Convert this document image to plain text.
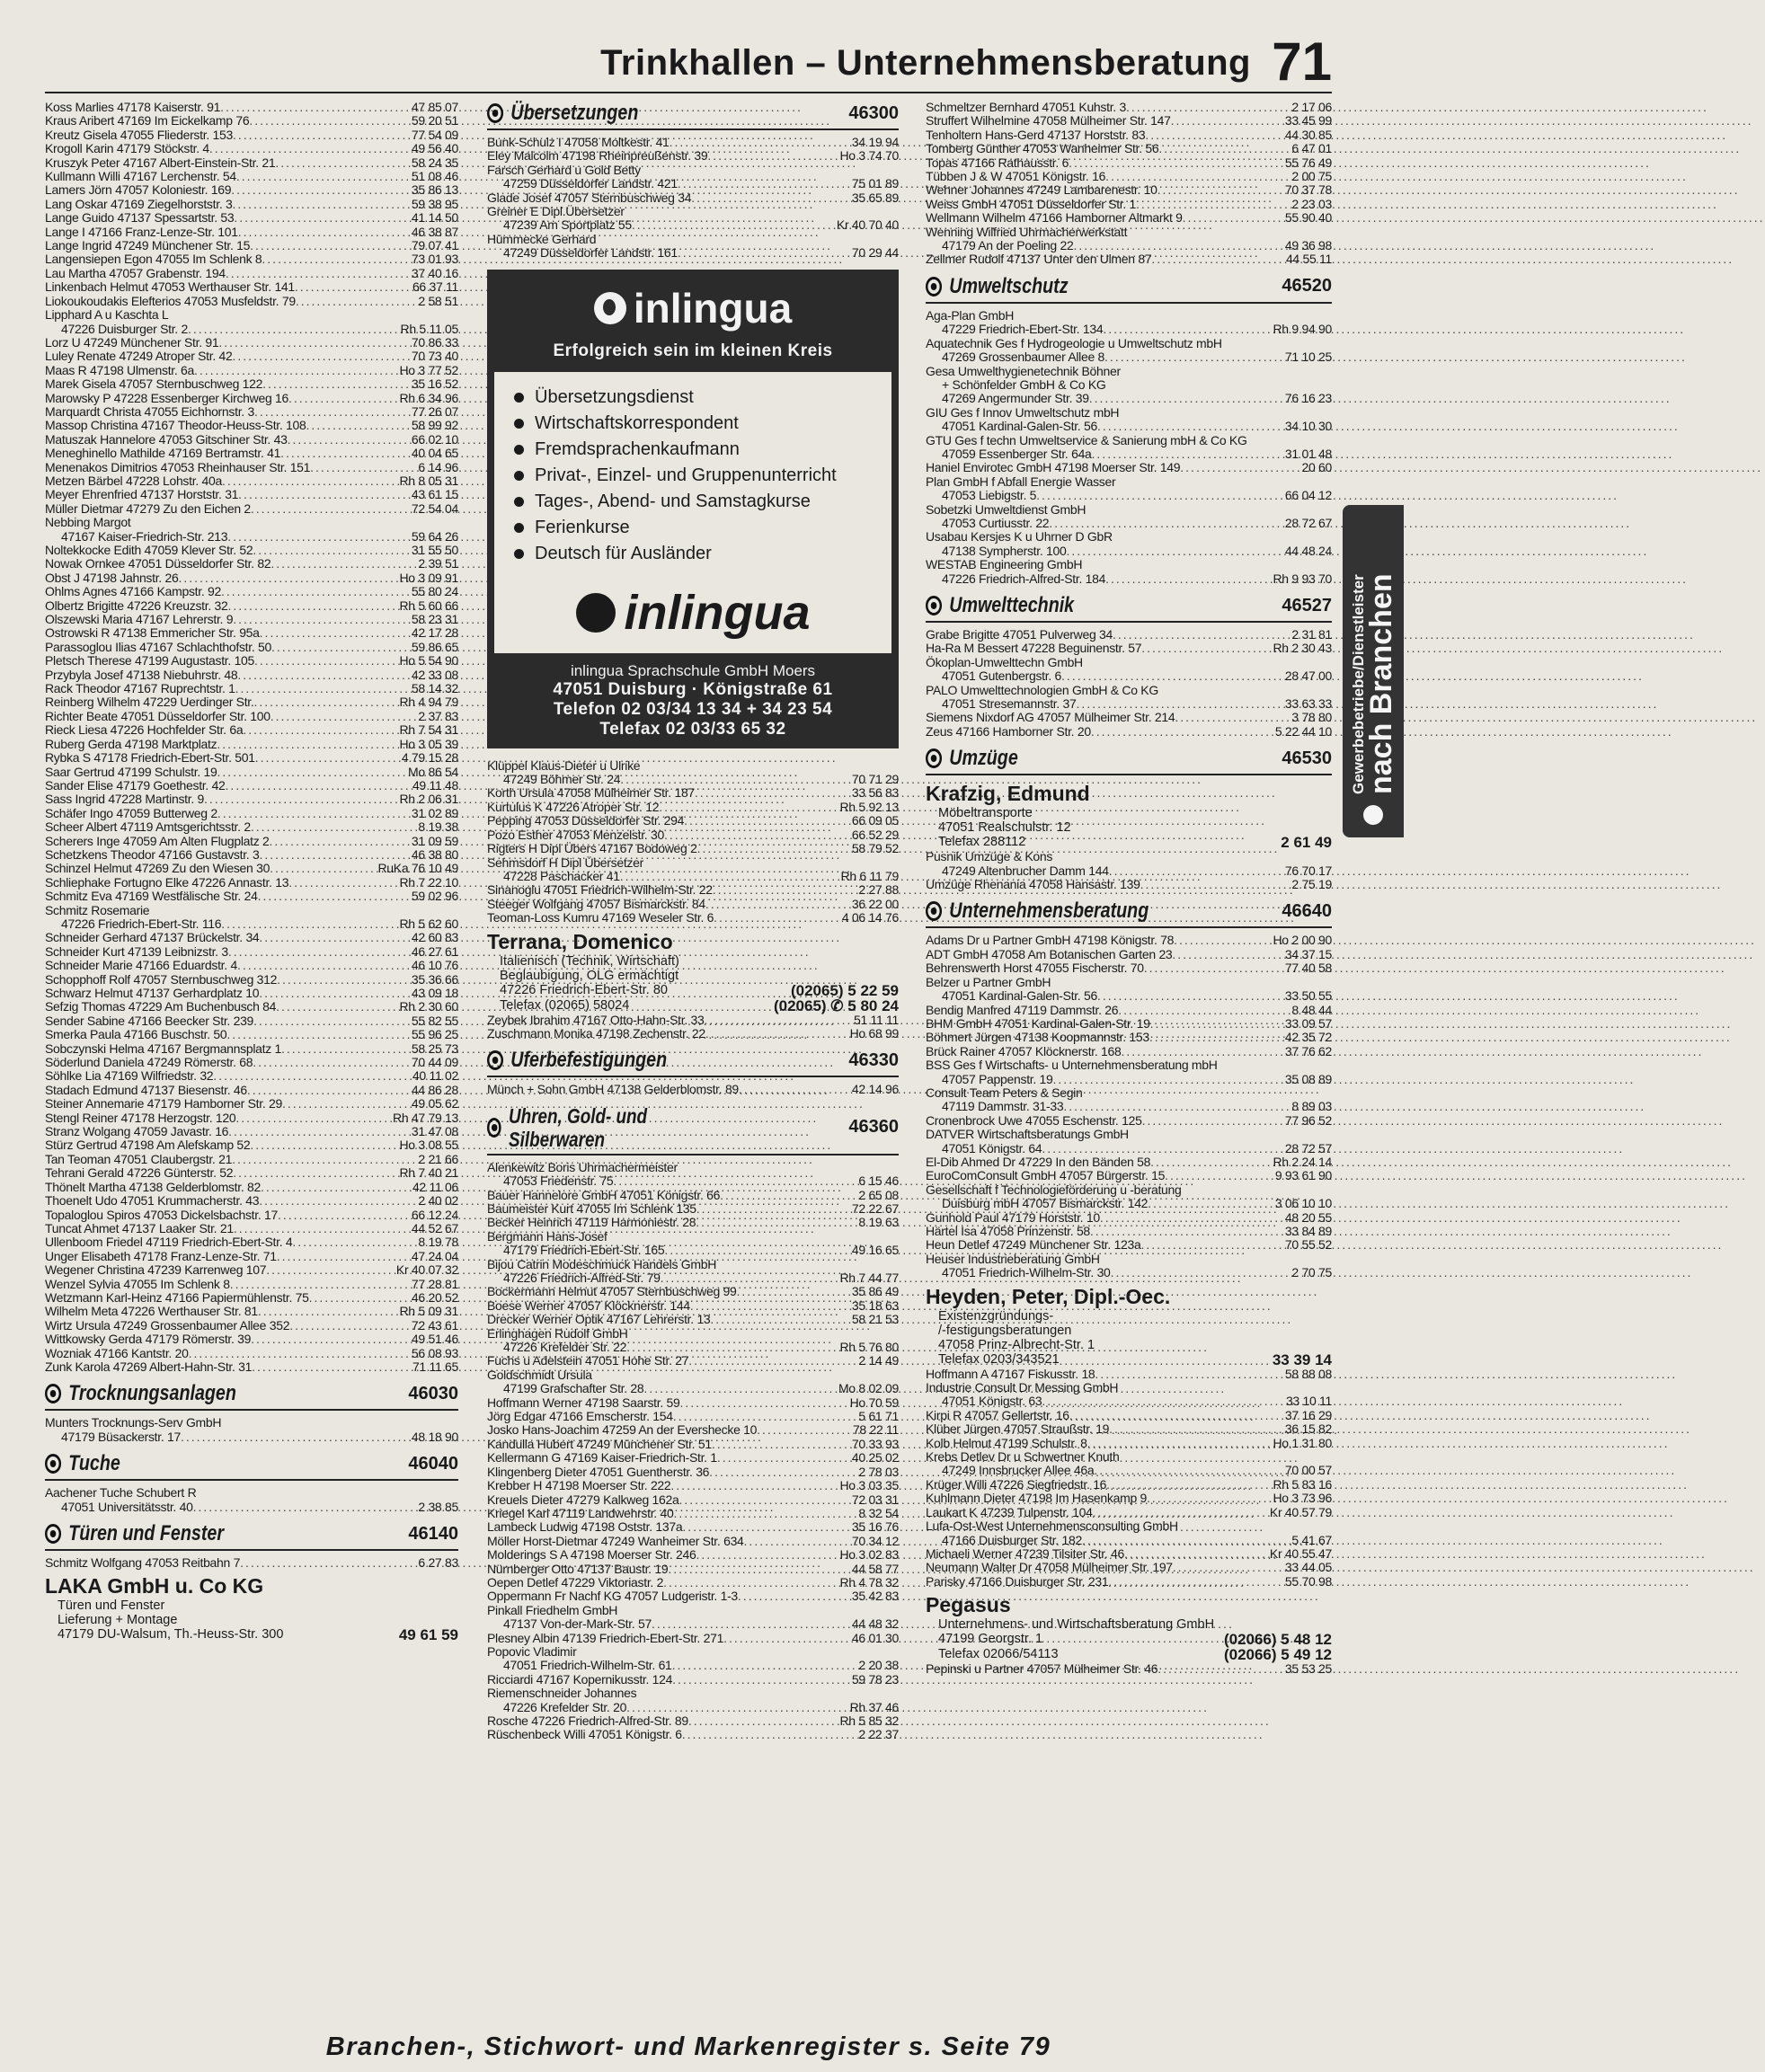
Trinkhallen – Unternehmensberatung 71
Koss Marlies 47178 Kaiserstr. 91 .....	47 85 07
Kraus Aribert 47169 Im Eickelkamp 76 .....	59 20 51
Kreutz Gisela 47055 Fliederstr. 153 .....	77 54 09
Krogoll Karin 47179 Stöckstr. 4 .....	49 56 40
Kruszyk Peter 47167 Albert-Einstein-Str. 21 .....	58 24 35
Kullmann Willi 47167 Lerchenstr. 54 .....	51 08 46
Lamers Jörn 47057 Koloniestr. 169 .....	35 86 13
Lang Oskar 47169 Ziegelhorststr. 3 .....	59 38 95
Lange Guido 47137 Spessartstr. 53 .....	41 14 50
Lange I 47166 Franz-Lenze-Str. 101 .....	46 38 87
Lange Ingrid 47249 Münchener Str. 15 .....	79 07 41
Langensiepen Egon 47055 Im Schlenk 8 .....	73 01 93
Lau Martha 47057 Grabenstr. 194 .....	37 40 16
Linkenbach Helmut 47053 Werthauser Str. 141 .....	66 37 11
Liokoukoudakis Elefterios 47053 Musfeldstr. 79 .....	2 58 51
Lipphard A u Kaschta L
47226 Duisburger Str. 2 .....	Rh 5 11 05
Lorz U 47249 Münchener Str. 91 .....	70 86 33
Luley Renate 47249 Atroper Str. 42 .....	70 73 40
Maas R 47198 Ulmenstr. 6a .....	Ho 3 77 52
Marek Gisela 47057 Sternbuschweg 122 .....	35 16 52
Marowsky P 47228 Essenberger Kirchweg 16 .....	Rh 6 34 96
Marquardt Christa 47055 Eichhornstr. 3 .....	77 26 07
Massop Christina 47167 Theodor-Heuss-Str. 108 .....	58 99 92
Matuszak Hannelore 47053 Gitschiner Str. 43 .....	66 02 10
Meneghinello Mathilde 47169 Bertramstr. 41 .....	40 04 65
Menenakos Dimitrios 47053 Rheinhauser Str. 151 .....	6 14 96
Metzen Bärbel 47228 Lohstr. 40a .....	Rh 8 05 31
Meyer Ehrenfried 47137 Horststr. 31 .....	43 61 15
Müller Dietmar 47279 Zu den Eichen 2 .....	72 54 04
Nebbing Margot
47167 Kaiser-Friedrich-Str. 213 .....	59 64 26
Noltekkocke Edith 47059 Klever Str. 52 .....	31 55 50
Nowak Ornkee 47051 Düsseldorfer Str. 82 .....	2 39 51
Obst J 47198 Jahnstr. 26 .....	Ho 3 09 91
Ohlms Agnes 47166 Kampstr. 92 .....	55 80 24
Olbertz Brigitte 47226 Kreuzstr. 32 .....	Rh 5 60 66
Olszewski Maria 47167 Lehrerstr. 9 .....	58 23 31
Ostrowski R 47138 Emmericher Str. 95a .....	42 17 28
Parassoglou Ilias 47167 Schlachthofstr. 50 .....	59 86 65
Pletsch Therese 47199 Augustastr. 105 .....	Ho 5 54 90
Przybyla Josef 47138 Niebuhrstr. 48 .....	42 33 08
Rack Theodor 47167 Ruprechtstr. 1 .....	58 14 32
Reinberg Wilhelm 47229 Uerdinger Str. .....	Rh 4 94 79
Richter Beate 47051 Düsseldorfer Str. 100 .....	2 37 83
Rieck Liesa 47226 Hochfelder Str. 6a .....	Rh 7 54 31
Ruberg Gerda 47198 Marktplatz .....	Ho 3 05 39
Rybka S 47178 Friedrich-Ebert-Str. 501 .....	4 79 15 28
Saar Gertrud 47199 Schulstr. 19 .....	Mo 86 54
Sander Elise 47179 Goethestr. 42 .....	49 11 48
Sass Ingrid 47228 Martinstr. 9 .....	Rh 2 06 31
Schäfer Ingo 47059 Butterweg 2 .....	31 02 89
Scheer Albert 47119 Amtsgerichtsstr. 2 .....	8 19 38
Scherers Inge 47059 Am Alten Flugplatz 2 .....	31 09 59
Schetzkens Theodor 47166 Gustavstr. 3 .....	46 38 80
Schinzel Helmut 47269 Zu den Wiesen 30 .....	RuKa 76 10 49
Schliephake Fortugno Elke 47226 Annastr. 13 .....	Rh 7 22 10
Schmitz Eva 47169 Westfälische Str. 24 .....	59 02 96
Schmitz Rosemarie
47226 Friedrich-Ebert-Str. 116 .....	Rh 5 62 60
Schneider Gerhard 47137 Brückelstr. 34 .....	42 60 83
Schneider Kurt 47139 Leibnizstr. 3 .....	46 27 61
Schneider Marie 47166 Eduardstr. 4 .....	46 10 76
Schopphoff Rolf 47057 Sternbuschweg 312 .....	35 36 66
Schwarz Helmut 47137 Gerhardplatz 10 .....	43 09 18
Sefzig Thomas 47229 Am Buchenbusch 84 .....	Rh 2 30 60
Sender Sabine 47166 Beecker Str. 239 .....	55 82 55
Smerka Paula 47166 Buschstr. 50 .....	55 96 25
Sobczynski Helma 47167 Bergmannsplatz 1 .....	58 25 73
Söderlund Daniela 47249 Römerstr. 68 .....	70 44 09
Söhlke Lia 47169 Wilfriedstr. 32 .....	40 11 02
Stadach Edmund 47137 Biesenstr. 46 .....	44 86 28
Steiner Annemarie 47179 Hamborner Str. 29 .....	49 05 62
Stengl Reiner 47178 Herzogstr. 120 .....	Rh 47 79 13
Stranz Wolgang 47059 Javastr. 16 .....	31 47 08
Stürz Gertrud 47198 Am Alefskamp 52 .....	Ho 3 08 55
Tan Teoman 47051 Claubergstr. 21 .....	2 21 66
Tehrani Gerald 47226 Günterstr. 52 .....	Rh 7 40 21
Thönelt Martha 47138 Gelderblomstr. 82 .....	42 11 06
Thoenelt Udo 47051 Krummacherstr. 43 .....	2 40 02
Topaloglou Spiros 47053 Dickelsbachstr. 17 .....	66 12 24
Tuncat Ahmet 47137 Laaker Str. 21 .....	44 52 67
Ullenboom Friedel 47119 Friedrich-Ebert-Str. 4 .....	8 19 78
Unger Elisabeth 47178 Franz-Lenze-Str. 71 .....	47 24 04
Wegener Christina 47239 Karrenweg 107 .....	Kr 40 07 32
Wenzel Sylvia 47055 Im Schlenk 8 .....	77 28 81
Wetzmann Karl-Heinz 47166 Papiermühlenstr. 75 .....	46 20 52
Wilhelm Meta 47226 Werthauser Str. 81 .....	Rh 5 09 31
Wirtz Ursula 47249 Grossenbaumer Allee 352 .....	72 43 61
Wittkowsky Gerda 47179 Römerstr. 39 .....	49 51 46
Wozniak 47166 Kantstr. 20 .....	56 08 93
Zunk Karola 47269 Albert-Hahn-Str. 31 .....	71 11 65
Trocknungsanlagen	46030
Munters Trocknungs-Serv GmbH
47179 Büsackerstr. 17 .....	48 18 90
Tuche	46040
Aachener Tuche Schubert R
47051 Universitätsstr. 40 .....	2 38 85
Türen und Fenster	46140
Schmitz Wolfgang 47053 Reitbahn 7 .....	6 27 83
LAKA GmbH u. Co KG
Türen und Fenster
Lieferung + Montage
47179 DU-Walsum, Th.-Heuss-Str. 300	49 61 59
Übersetzungen	46300
Bunk-Schulz I 47058 Moltkestr. 41 .....	34 19 94
Eley Malcolm 47198 Rheinpreußenstr. 39 .....	Ho 3 74 70
Farsch Gerhard u Gold Betty
47259 Düsseldorfer Landstr. 421 .....	75 01 89
Glade Josef 47057 Sternbuschweg 34 .....	35 65 89
Greiner E Dipl.Übersetzer
47239 Am Sportplatz 55 .....	Kr 40 70 40
Hümmecke Gerhard
47249 Düsseldorfer Landstr. 161 .....	70 29 44
inlingua
Erfolgreich sein im kleinen Kreis
Übersetzungsdienst
Wirtschaftskorrespondent
Fremdsprachenkaufmann
Privat-, Einzel- und Gruppenunterricht
Tages-, Abend- und Samstagkurse
Ferienkurse
Deutsch für Ausländer
inlingua
inlingua Sprachschule GmbH Moers
47051 Duisburg · Königstraße 61
Telefon 02 03/34 13 34 + 34 23 54
Telefax 02 03/33 65 32
Klüppel Klaus-Dieter u Ulrike
47249 Böhmer Str. 24 .....	70 71 29
Korth Ursula 47058 Mülheimer Str. 187 .....	33 56 83
Kurtulus K 47226 Atroper Str. 12 .....	Rh 5 92 13
Pepping 47053 Düsseldorfer Str. 294 .....	66 09 05
Pozo Esther 47053 Menzelstr. 30 .....	66 52 29
Rigters H Dipl Übers 47167 Bodoweg 2 .....	58 79 52
Sehmsdorf H Dipl Übersetzer
47228 Paschacker 41 .....	Rh 6 11 79
Sinanoglu 47051 Friedrich-Wilhelm-Str. 22 .....	2 27 88
Steeger Wolfgang 47057 Bismarckstr. 84 .....	36 22 00
Teoman-Loss Kumru 47169 Weseler Str. 6 .....	4 06 14 76
Terrana, Domenico
Italienisch (Technik, Wirtschaft)
Beglaubigung, OLG ermächtigt
47226 Friedrich-Ebert-Str. 80	(02065) 5 22 59
Telefax (02065) 58024	(02065) ✆ 5 80 24
Zeybek Ibrahim 47167 Otto-Hahn-Str. 33 .....	51 11 11
Zuschmann Monika 47198 Zechenstr. 22 .....	Ho 68 99
Uferbefestigungen	46330
Münch + Sohn GmbH 47138 Gelderblomstr. 89 .....	42 14 96
Uhren, Gold- und Silberwaren
46360
Alenkewitz Boris Uhrmachermeister
47053 Friedenstr. 75 .....	6 15 46
Bauer Hannelore GmbH 47051 Königstr. 66 .....	2 65 08
Baumeister Kurt 47055 Im Schlenk 135 .....	72 22 67
Becker Heinrich 47119 Harmoniestr. 28 .....	8 19 63
Bergmann Hans-Josef
47179 Friedrich-Ebert-Str. 165 .....	49 16 65
Bijou Catrin Modeschmuck Handels GmbH
47226 Friedrich-Alfred-Str. 79 .....	Rh 7 44 77
Bockermann Helmut 47057 Sternbuschweg 99 .....	35 86 49
Boese Werner 47057 Klöcknerstr. 144 .....	35 18 63
Drecker Werner Optik 47167 Lehrerstr. 13 .....	58 21 53
Erlinghagen Rudolf GmbH
47226 Krefelder Str. 22 .....	Rh 5 76 80
Fuchs u Adelstein 47051 Hohe Str. 27 .....	2 14 49
Goldschmidt Ursula
47199 Grafschafter Str. 28 .....	Mo 8 02 09
Hoffmann Werner 47198 Saarstr. 59 .....	Ho 70 59
Jörg Edgar 47166 Emscherstr. 154 .....	5 61 71
Josko Hans-Joachim 47259 An der Eversheckе 10 .....	78 22 11
Kandulla Hubert 47249 Münchener Str. 51 .....	70 33 93
Kellermann G 47169 Kaiser-Friedrich-Str. 1 .....	40 25 02
Klingenberg Dieter 47051 Guentherstr. 36 .....	2 78 03
Krebber H 47198 Moerser Str. 222 .....	Ho 3 03 35
Kreuels Dieter 47279 Kalkweg 162a .....	72 03 31
Kriegel Karl 47119 Landwehrstr. 40 .....	8 32 54
Lambeck Ludwig 47198 Oststr. 137a .....	35 16 76
Möller Horst-Dietmar 47249 Wanheimer Str. 634 .....	70 34 12
Molderings S A 47198 Moerser Str. 246 .....	Ho 3 02 83
Nürnberger Otto 47137 Baustr. 19 .....	44 58 77
Oepen Detlef 47229 Viktoriastr. 2 .....	Rh 4 78 32
Oppermann Fr Nachf KG 47057 Ludgeristr. 1-3 .....	35 42 83
Pinkall Friedhelm GmbH
47137 Von-der-Mark-Str. 57 .....	44 48 32
Plesney Albin 47139 Friedrich-Ebert-Str. 271 .....	46 01 30
Popovic Vladimir
47051 Friedrich-Wilhelm-Str. 61 .....	2 20 38
Ricciardi 47167 Kopernikusstr. 124 .....	59 78 23
Riemenschneider Johannes
47226 Krefelder Str. 20 .....	Rh 37 46
Rosche 47226 Friedrich-Alfred-Str. 89 .....	Rh 5 85 32
Rüschenbeck Willi 47051 Königstr. 6 .....	2 22 37
Schmeltzer Bernhard 47051 Kuhstr. 3 .....	2 17 06
Struffert Wilhelmine 47058 Mülheimer Str. 147 .....	33 45 99
Tenholtern Hans-Gerd 47137 Horststr. 83 .....	44 30 85
Tomberg Günther 47053 Wanheimer Str. 56 .....	6 47 01
Topas 47166 Rathausstr. 6 .....	55 76 49
Tübben J & W 47051 Königstr. 16 .....	2 00 75
Wehner Johannes 47249 Lambarenestr. 10 .....	70 37 78
Weiss GmbH 47051 Düsseldorfer Str. 1 .....	2 23 03
Wellmann Wilhelm 47166 Hamborner Altmarkt 9 .....	55 90 40
Wenning Wilfried Uhrmacherwerkstatt
47179 An der Poeling 22 .....	49 36 98
Zellmer Rudolf 47137 Unter den Ulmen 87 .....	44 55 11
Umweltschutz	46520
Aga-Plan GmbH
47229 Friedrich-Ebert-Str. 134 .....	Rh 9 94 90
Aquatechnik Ges f Hydrogeologie u Umweltschutz mbH
47269 Grossenbaumer Allee 8 .....	71 10 25
Gesa Umwelthygienetechnik Böhner
+ Schönfelder GmbH & Co KG
47269 Angermunder Str. 39 .....	76 16 23
GIU Ges f Innov Umweltschutz mbH
47051 Kardinal-Galen-Str. 56 .....	34 10 30
GTU Ges f techn Umweltservice & Sanierung mbH & Co KG
47059 Essenberger Str. 64a .....	31 01 48
Haniel Envirotec GmbH 47198 Moerser Str. 149 .....	20 60
Plan GmbH f Abfall Energie Wasser
47053 Liebigstr. 5 .....	66 04 12
Sobetzki Umweltdienst GmbH
47053 Curtiusstr. 22 .....	28 72 67
Usabau Kersjes K u Uhrner D GbR
47138 Sympherstr. 100 .....	44 48 24
WESTAB Engineering GmbH
47226 Friedrich-Alfred-Str. 184 .....	Rh 9 93 70
Umwelttechnik	46527
Grabe Brigitte 47051 Pulverweg 34 .....	2 31 81
Ha-Ra M Bessert 47228 Beguinenstr. 57 .....	Rh 2 30 43
Ökoplan-Umwelttechn GmbH
47051 Gutenbergstr. 6 .....	28 47 00
PALO Umwelttechnologien GmbH & Co KG
47051 Stresemannstr. 37 .....	33 63 33
Siemens Nixdorf AG 47057 Mülheimer Str. 214 .....	3 78 80
Zeus 47166 Hamborner Str. 20 .....	5 22 44 10
Umzüge	46530
Krafzig, Edmund
Möbeltransporte
47051 Realschulstr. 12
Telefax 288112	2 61 49
Pusnik Umzüge & Kons
47249 Altenbrucher Damm 144 .....	76 70 17
Umzüge Rhenania 47058 Hansastr. 139 .....	2 75 19
Unternehmensberatung	46640
Adams Dr u Partner GmbH 47198 Königstr. 78 .....	Ho 2 00 90
ADT GmbH 47058 Am Botanischen Garten 23 .....	34 37 15
Behrenswerth Horst 47055 Fischerstr. 70 .....	77 40 58
Belzer u Partner GmbH
47051 Kardinal-Galen-Str. 56 .....	33 50 55
Bendig Manfred 47119 Dammstr. 26 .....	8 48 44
BHM GmbH 47051 Kardinal-Galen-Str. 19 .....	33 09 57
Böhmert Jürgen 47138 Koopmannstr. 153 .....	42 35 72
Brück Rainer 47057 Klöcknerstr. 168 .....	37 76 62
BSS Ges f Wirtschafts- u Unternehmensberatung mbH
47057 Pappenstr. 19 .....	35 08 89
Consult Team Peters & Segin
47119 Dammstr. 31-33 .....	8 89 03
Cronenbrock Uwe 47055 Eschenstr. 125 .....	77 96 52
DATVER Wirtschaftsberatungs GmbH
47051 Königstr. 64 .....	28 72 57
El-Dib Ahmed Dr 47229 In den Bänden 58 .....	Rh 2 24 14
EuroComConsult GmbH 47057 Bürgerstr. 15 .....	9 93 61 90
Gesellschaft f Technologieförderung u -beratung
Duisburg mbH 47057 Bismarckstr. 142 .....	3 06 10 10
Gunhold Paul 47179 Horststr. 10 .....	48 20 55
Härtel Isa 47058 Prinzenstr. 58 .....	33 84 89
Heun Detlef 47249 Münchener Str. 123a .....	70 55 52
Heuser Industrieberatung GmbH
47051 Friedrich-Wilhelm-Str. 30 .....	2 70 75
Heyden, Peter, Dipl.-Oec.
Existenzgründungs-
/-festigungsberatungen
47058 Prinz-Albrecht-Str. 1
Telefax 0203/343521	33 39 14
Hoffmann A 47167 Fiskusstr. 18 .....	58 88 08
Industrie Consult Dr Messing GmbH
47051 Königstr. 63 .....	33 10 11
Kirpi R 47057 Gellertstr. 16 .....	37 16 29
Klüber Jürgen 47057 Straußstr. 19 .....	36 15 82
Kolb Helmut 47199 Schulstr. 8 .....	Ho 1 31 80
Krebs Detlev Dr u Schwertner Knuth
47249 Innsbrucker Allee 46a .....	70 00 57
Krüger Willi 47226 Siegfriedstr. 16 .....	Rh 5 83 16
Kuhlmann Dieter 47198 Im Hasenkamp 9 .....	Ho 3 73 96
Laukart K 47239 Tulpenstr. 104 .....	Kr 40 57 79
Lufa-Ost-West Unternehmensconsulting GmbH
47166 Duisburger Str. 182 .....	5 41 67
Michaeli Werner 47239 Tilsiter Str. 46 .....	Kr 40 55 47
Neumann Walter Dr 47058 Mülheimer Str. 197 .....	33 44 05
Parisky 47166 Duisburger Str. 231 .....	55 70 98
Pegasus
Unternehmens- und Wirtschaftsberatung GmbH
47199 Georgstr. 1	(02066) 5 48 12
Telefax 02066/54113	(02066) 5 49 12
Pepinski u Partner 47057 Mülheimer Str. 46 .....	35 53 25
Gewerbebetriebe/Dienstleister
nach Branchen
Branchen-, Stichwort- und Markenregister s. Seite 79
